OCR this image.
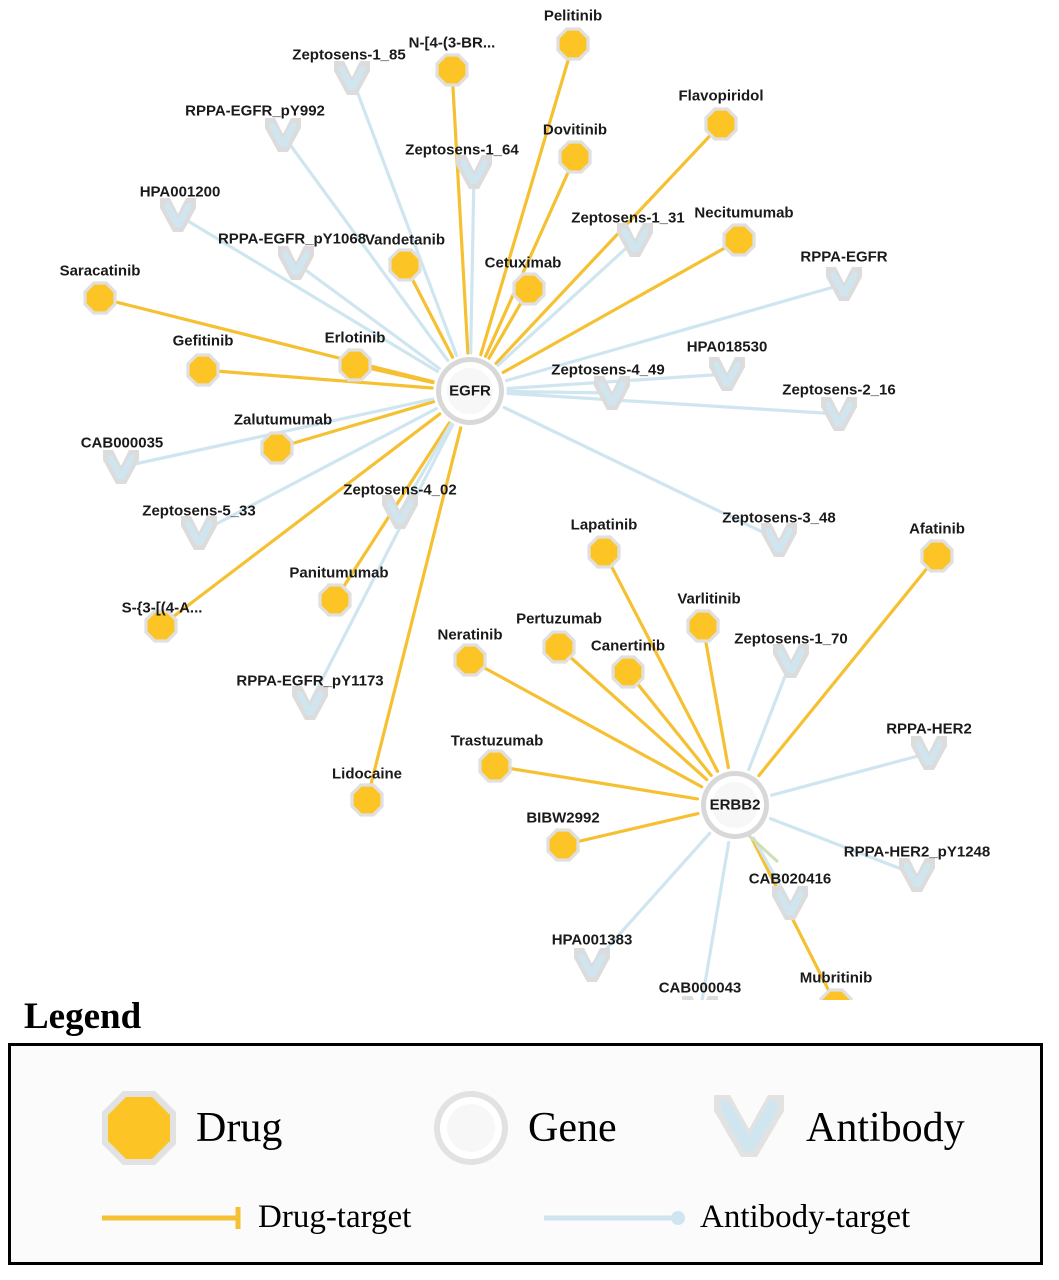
Pelitinib
N-[4-(3-BR...
Flavopiridol
Dovitinib
Necitumumab
Vandetanib
Cetuximab
Saracatinib
Erlotinib
Gefitinib
Zalutumumab
Lapatinib	Afatinib
Panitumumab
Varlitinib
S-{3-[(4-A...
Pertuzumab
Neratinib
Canertinib
Trastuzumab
Lidocaine
BIBW2992
Mubritinib
Zeptosens-1_85
RPPA-EGFR_pY992
Zeptosens-1_64
HPA001200
Zeptosens-1_31
RPPA-EGFR_pY1068
RPPA-EGFR
HPA018530
Zeptosens-4_49
Zeptosens-2_16
CAB000035
Zeptosens-4_02
Zeptosens-5_33	Zeptosens-3_48
Zeptosens-1_70
RPPA-EGFR_pY1173
RPPA-HER2
RPPA-HER2_pY1248
CAB020416
HPA001383
CAB000043
EGFR
ERBB2
Legend
Drug	Gene	Antibody
Drug-target	Antibody-target
